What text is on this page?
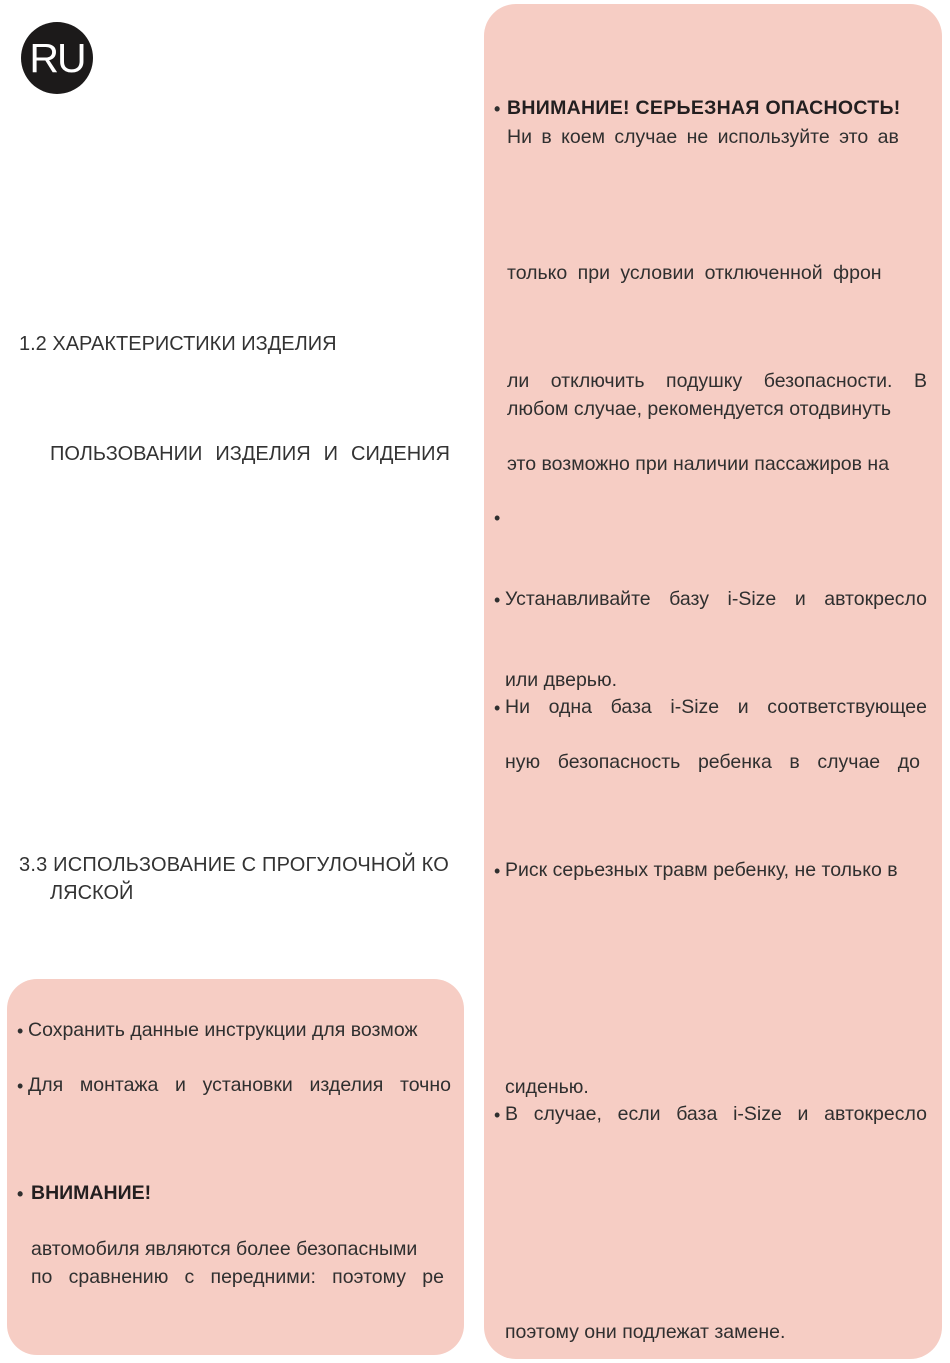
RU
1.2 ХАРАКТЕРИСТИКИ ИЗДЕЛИЯ
ПОЛЬЗОВАНИИ ИЗДЕЛИЯ И СИДЕНИЯ
3.3 ИСПОЛЬЗОВАНИЕ С ПРОГУЛОЧНОЙ КО
ЛЯСКОЙ
• Сохранить данные инструкции для возмож
• Для монтажа и установки изделия точно
• ВНИМАНИЕ!
автомобиля являются более безопасными
по сравнению с передними: поэтому ре
• ВНИМАНИЕ! СЕРЬЕЗНАЯ ОПАСНОСТЬ!
Ни в коем случае не используйте это ав
только при условии отключенной фрон
ли отключить подушку безопасности. В
любом случае, рекомендуется отодвинуть
это возможно при наличии пассажиров на
•
• Устанавливайте базу i-Size и автокресло
или дверью.
• Ни одна база i-Size и соответствующее
ную безопасность ребенка в случае до
• Риск серьезных травм ребенку, не только в
сиденью.
• В случае, если база i-Size и автокресло
поэтому они подлежат замене.
